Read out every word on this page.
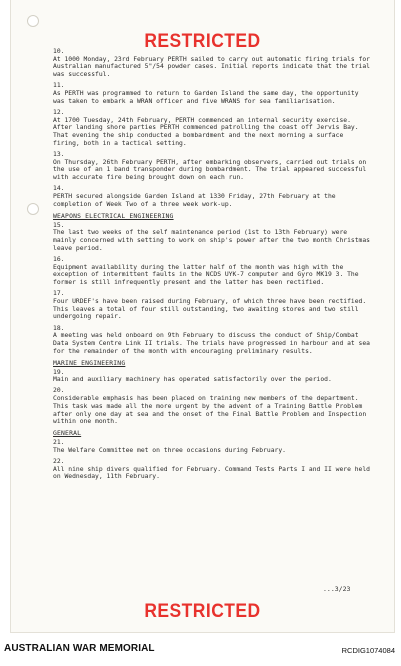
RESTRICTED
10.
At 1000 Monday, 23rd February PERTH sailed to carry out automatic firing trials for Australian manufactured 5"/54 powder cases. Initial reports indicate that the trial was successful.
11.
As PERTH was programmed to return to Garden Island the same day, the opportunity was taken to embark a WRAN officer and five WRANS for sea familiarisation.
12.
At 1700 Tuesday, 24th February, PERTH commenced an internal security exercise. After landing shore parties PERTH commenced patrolling the coast off Jervis Bay. That evening the ship conducted a bombardment and the next morning a surface firing, both in a tactical setting.
13.
On Thursday, 26th February PERTH, after embarking observers, carried out trials on the use of an 1 band transponder during bombardment. The trial appeared successful with accurate fire being brought down on each run.
14.
PERTH secured alongside Garden Island at 1330 Friday, 27th February at the completion of Week Two of a three week work-up.
WEAPONS ELECTRICAL ENGINEERING
15.
The last two weeks of the self maintenance period (1st to 13th February) were mainly concerned with setting to work on ship's power after the two month Christmas leave period.
16.
Equipment availability during the latter half of the month was high with the exception of intermittent faults in the NCDS UYK-7 computer and Gyro MK19 3. The former is still infrequently present and the latter has been rectified.
17.
Four URDEF's have been raised during February, of which three have been rectified. This leaves a total of four still outstanding, two awaiting stores and two still undergoing repair.
18.
A meeting was held onboard on 9th February to discuss the conduct of Ship/Combat Data System Centre Link II trials. The trials have progressed in harbour and at sea for the remainder of the month with encouraging preliminary results.
MARINE ENGINEERING
19.
Main and auxiliary machinery has operated satisfactorily over the period.
20.
Considerable emphasis has been placed on training new members of the department. This task was made all the more urgent by the advent of a Training Battle Problem after only one day at sea and the onset of the Final Battle Problem and Inspection within one month.
GENERAL
21.
The Welfare Committee met on three occasions during February.
22.
All nine ship divers qualified for February. Command Tests Parts I and II were held on Wednesday, 11th February.
...3/23
RESTRICTED
AUSTRALIAN WAR MEMORIAL	RCDIG1074084
